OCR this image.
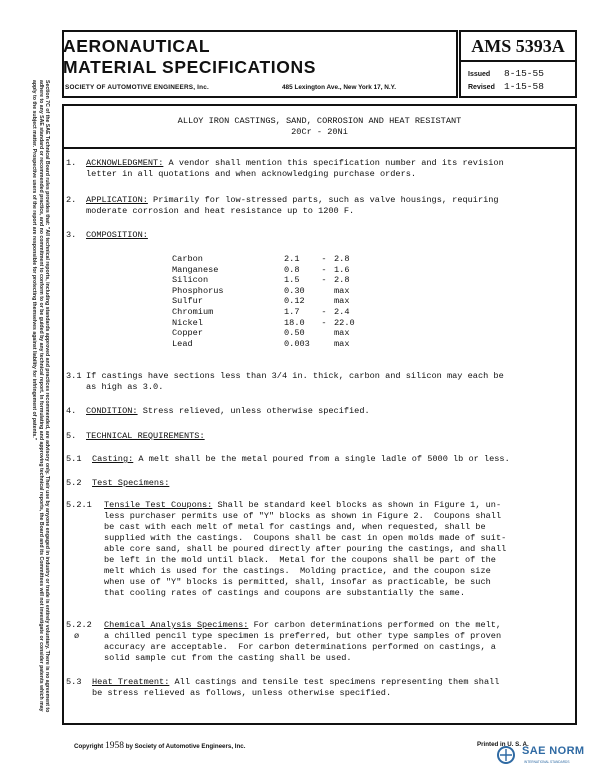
Section 7C of the SAE Technical Board rules provides that: "All technical reports, including standards approved and practices recommended, are advisory only. Their use by anyone engaged in industry or trade is entirely voluntary. There is no agreement to adhere to any SAE standard or recommended practice, and no commitment to conform to or be guided by any technical report. In formulating and approving technical reports, the Board and its Committees will not investigate or consider patents which may apply to the subject matter. Prospective users of the report are responsible for protecting themselves against liability for infringement of patents."

AERONAUTICAL
MATERIAL SPECIFICATIONS
SOCIETY OF AUTOMOTIVE ENGINEERS, Inc.	485 Lexington Ave., New York 17, N.Y.
AMS 5393A
Issued 8-15-55
Revised 1-15-58
ALLOY IRON CASTINGS, SAND, CORROSION AND HEAT RESISTANT
20Cr - 20Ni
1. ACKNOWLEDGMENT: A vendor shall mention this specification number and its revision
letter in all quotations and when acknowledging purchase orders.
2. APPLICATION: Primarily for low-stressed parts, such as valve housings, requiring
moderate corrosion and heat resistance up to 1200 F.
3. COMPOSITION:
Carbon	2.1	-	2.8
Manganese	0.8	-	1.6
Silicon	1.5	-	2.8
Phosphorus	0.30		max
Sulfur	0.12		max
Chromium	1.7	-	2.4
Nickel	18.0	-	22.0
Copper	0.50		max
Lead	0.003		max
3.1 If castings have sections less than 3/4 in. thick, carbon and silicon may each be
as high as 3.0.
4. CONDITION: Stress relieved, unless otherwise specified.
5. TECHNICAL REQUIREMENTS:
5.1 Casting: A melt shall be the metal poured from a single ladle of 5000 lb or less.
5.2 Test Specimens:
5.2.1 Tensile Test Coupons: Shall be standard keel blocks as shown in Figure 1, un-
less purchaser permits use of "Y" blocks as shown in Figure 2.  Coupons shall
be cast with each melt of metal for castings and, when requested, shall be
supplied with the castings.  Coupons shall be cast in open molds made of suit-
able core sand, shall be poured directly after pouring the castings, and shall
be left in the mold until black.  Metal for the coupons shall be part of the
melt which is used for the castings.  Molding practice, and the coupon size
when use of "Y" blocks is permitted, shall, insofar as practicable, be such
that cooling rates of castings and coupons are substantially the same.
5.2.2
ø
Chemical Analysis Specimens: For carbon determinations performed on the melt,
a chilled pencil type specimen is preferred, but other type samples of proven
accuracy are acceptable.  For carbon determinations performed on castings, a
solid sample cut from the casting shall be used.
5.3 Heat Treatment: All castings and tensile test specimens representing them shall
be stress relieved as follows, unless otherwise specified.
Copyright 1958 by Society of Automotive Engineers, Inc.	Printed in U. S. A.
SAE NORM
INTERNATIONAL STANDARDS
